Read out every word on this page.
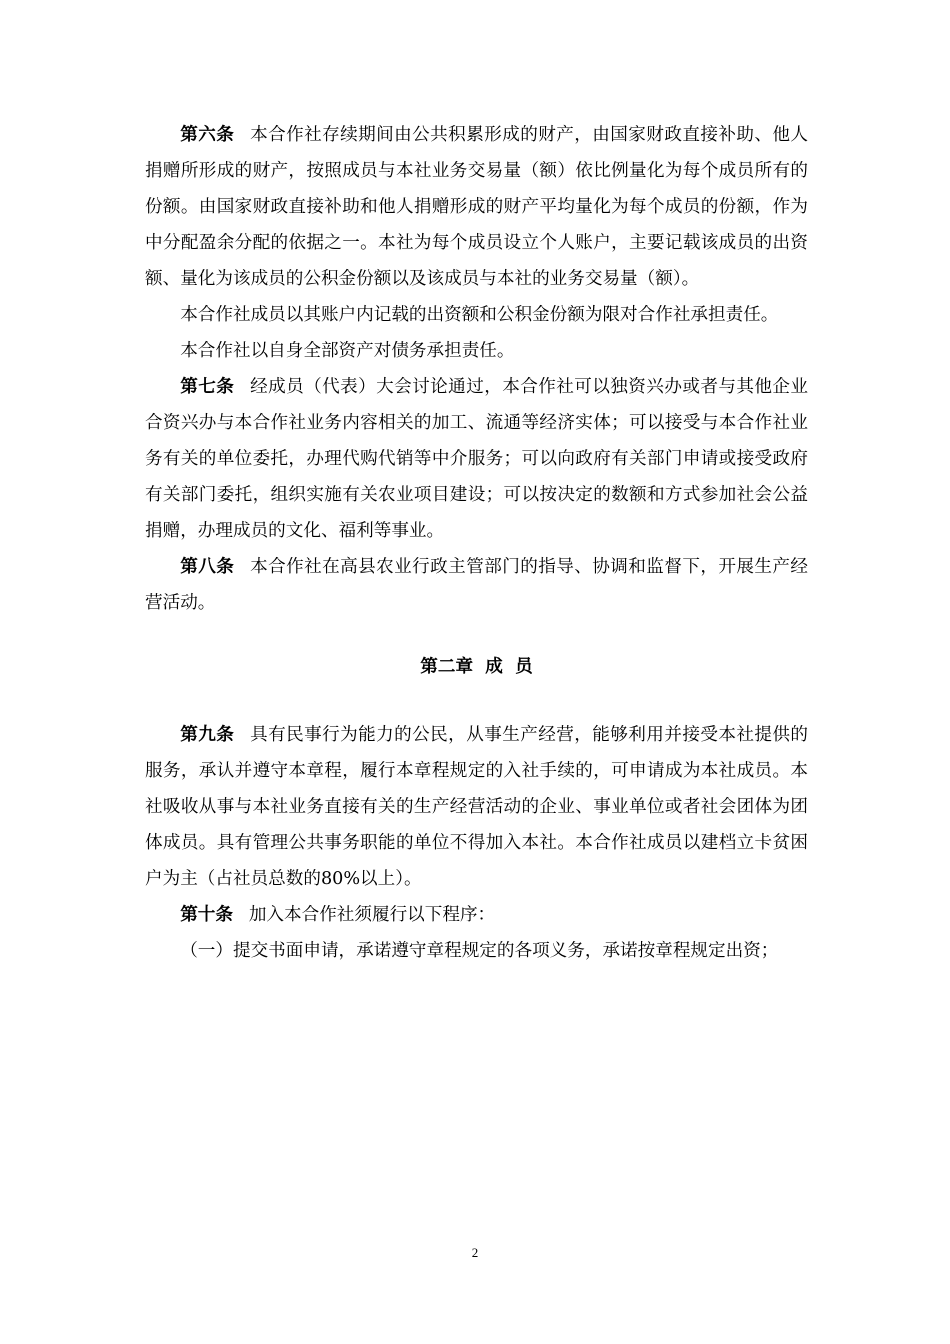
第六条 本合作社存续期间由公共积累形成的财产，由国家财政直接补助、他人捐赠所形成的财产，按照成员与本社业务交易量（额）依比例量化为每个成员所有的份额。由国家财政直接补助和他人捐赠形成的财产平均量化为每个成员的份额，作为中分配盈余分配的依据之一。本社为每个成员设立个人账户，主要记载该成员的出资额、量化为该成员的公积金份额以及该成员与本社的业务交易量（额）。

本合作社成员以其账户内记载的出资额和公积金份额为限对合作社承担责任。

本合作社以自身全部资产对债务承担责任。

第七条 经成员（代表）大会讨论通过，本合作社可以独资兴办或者与其他企业合资兴办与本合作社业务内容相关的加工、流通等经济实体；可以接受与本合作社业务有关的单位委托，办理代购代销等中介服务；可以向政府有关部门申请或接受政府有关部门委托，组织实施有关农业项目建设；可以按决定的数额和方式参加社会公益捐赠，办理成员的文化、福利等事业。

第八条 本合作社在高县农业行政主管部门的指导、协调和监督下，开展生产经营活动。

第二章  成  员

第九条 具有民事行为能力的公民，从事生产经营，能够利用并接受本社提供的服务，承认并遵守本章程，履行本章程规定的入社手续的，可申请成为本社成员。本社吸收从事与本社业务直接有关的生产经营活动的企业、事业单位或者社会团体为团体成员。具有管理公共事务职能的单位不得加入本社。本合作社成员以建档立卡贫困户为主（占社员总数的80%以上）。

第十条 加入本合作社须履行以下程序：

（一）提交书面申请，承诺遵守章程规定的各项义务，承诺按章程规定出资；

2
